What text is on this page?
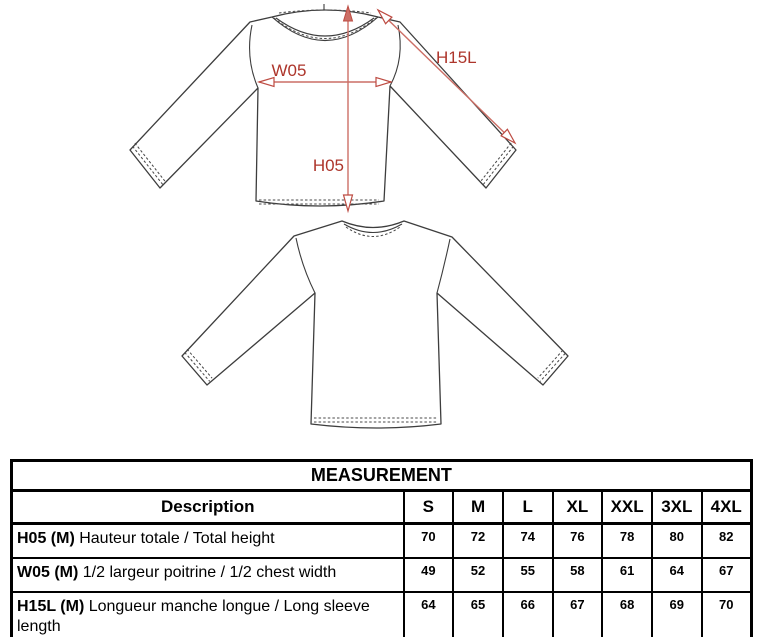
W05
H05
H15L
MEASUREMENT							
Description	S	M	L	XL	XXL	3XL	4XL
H05 (M) Hauteur totale / Total height	70	72	74	76	78	80	82
W05 (M) 1/2 largeur poitrine / 1/2 chest width	49	52	55	58	61	64	67
H15L (M) Longueur manche longue / Long sleeve length	64	65	66	67	68	69	70
